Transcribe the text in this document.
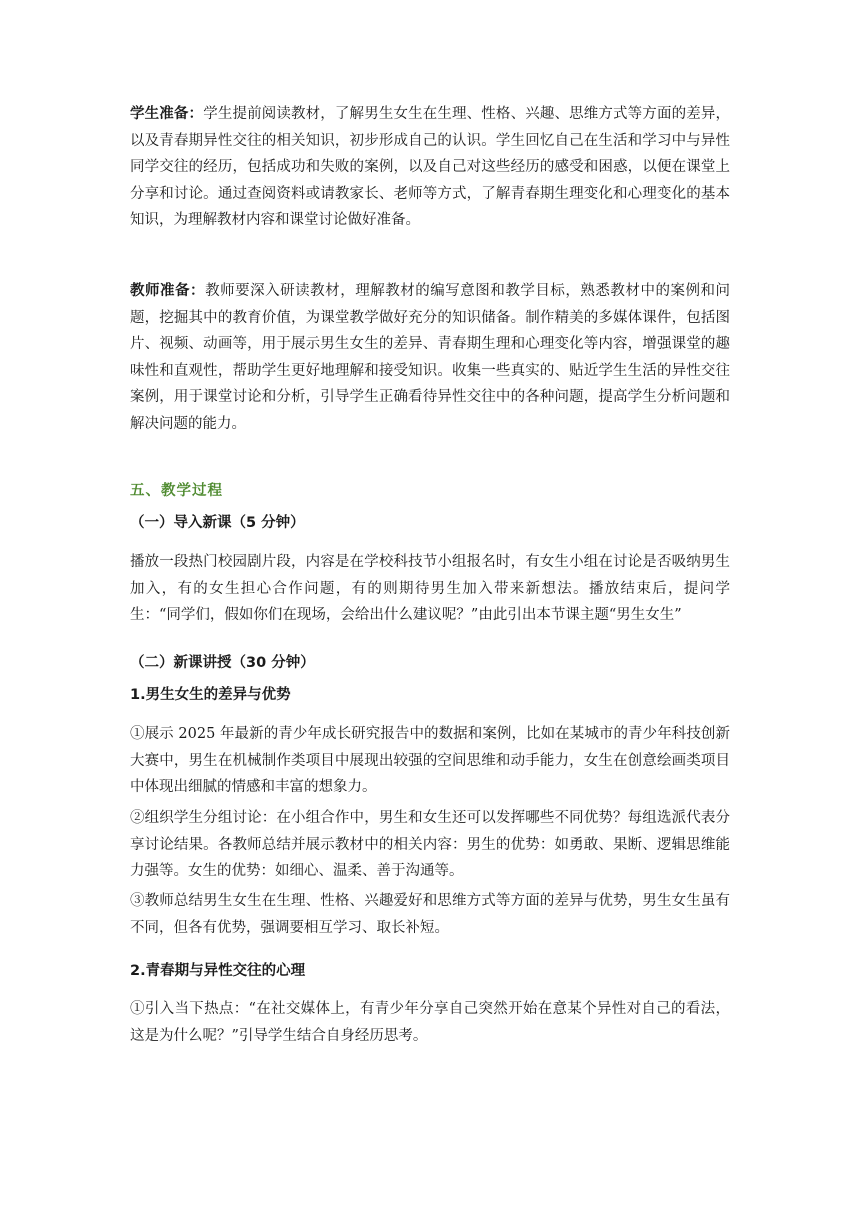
学生准备：学生提前阅读教材，了解男生女生在生理、性格、兴趣、思维方式等方面的差异，以及青春期异性交往的相关知识，初步形成自己的认识。学生回忆自己在生活和学习中与异性同学交往的经历，包括成功和失败的案例，以及自己对这些经历的感受和困惑，以便在课堂上分享和讨论。通过查阅资料或请教家长、老师等方式，了解青春期生理变化和心理变化的基本知识，为理解教材内容和课堂讨论做好准备。

教师准备：教师要深入研读教材，理解教材的编写意图和教学目标，熟悉教材中的案例和问题，挖掘其中的教育价值，为课堂教学做好充分的知识储备。制作精美的多媒体课件，包括图片、视频、动画等，用于展示男生女生的差异、青春期生理和心理变化等内容，增强课堂的趣味性和直观性，帮助学生更好地理解和接受知识。收集一些真实的、贴近学生生活的异性交往案例，用于课堂讨论和分析，引导学生正确看待异性交往中的各种问题，提高学生分析问题和解决问题的能力。

五、教学过程
（一）导入新课（5 分钟）

播放一段热门校园剧片段，内容是在学校科技节小组报名时，有女生小组在讨论是否吸纳男生加入，有的女生担心合作问题，有的则期待男生加入带来新想法。播放结束后，提问学生：“同学们，假如你们在现场，会给出什么建议呢？”由此引出本节课主题“男生女生”

（二）新课讲授（30 分钟）
1.男生女生的差异与优势

①展示 2025 年最新的青少年成长研究报告中的数据和案例，比如在某城市的青少年科技创新大赛中，男生在机械制作类项目中展现出较强的空间思维和动手能力，女生在创意绘画类项目中体现出细腻的情感和丰富的想象力。

②组织学生分组讨论：在小组合作中，男生和女生还可以发挥哪些不同优势？每组选派代表分享讨论结果。各教师总结并展示教材中的相关内容：男生的优势：如勇敢、果断、逻辑思维能力强等。女生的优势：如细心、温柔、善于沟通等。

③教师总结男生女生在生理、性格、兴趣爱好和思维方式等方面的差异与优势，男生女生虽有不同，但各有优势，强调要相互学习、取长补短。

2.青春期与异性交往的心理

①引入当下热点：“在社交媒体上，有青少年分享自己突然开始在意某个异性对自己的看法，这是为什么呢？”引导学生结合自身经历思考。
